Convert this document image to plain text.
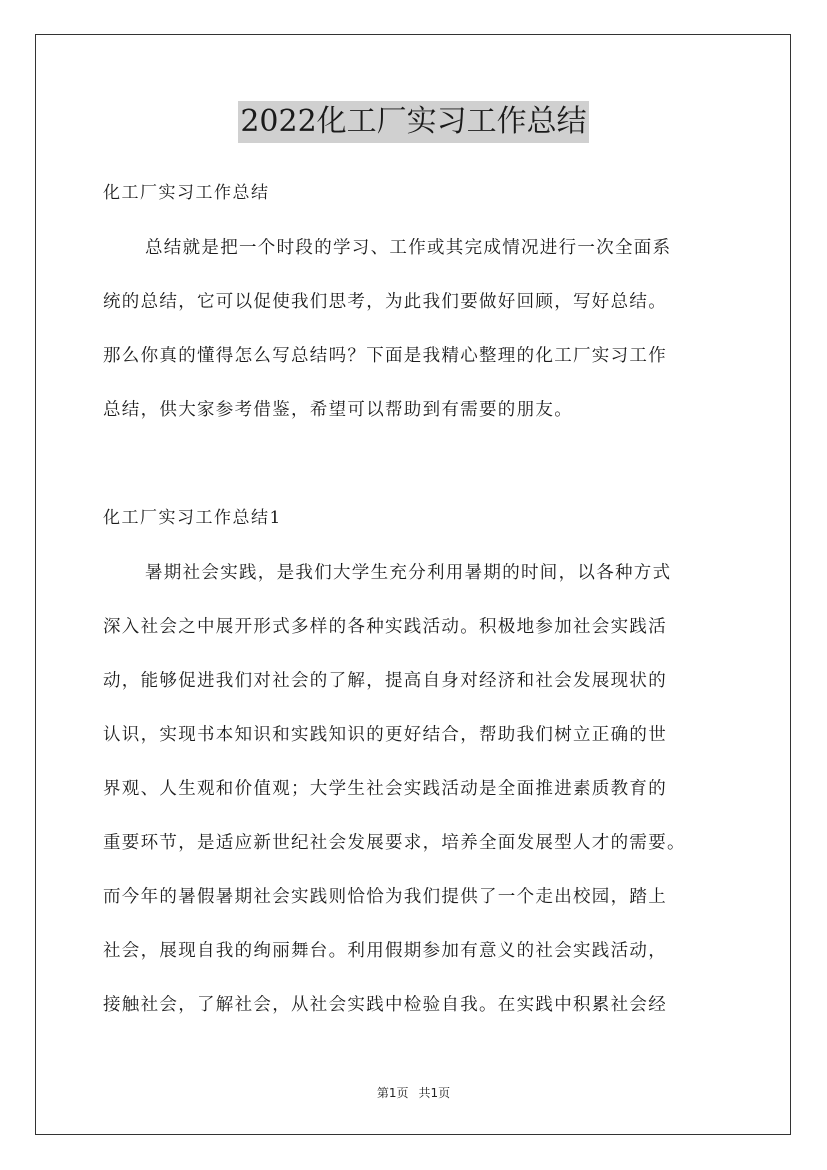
2022化工厂实习工作总结
化工厂实习工作总结
总结就是把一个时段的学习、工作或其完成情况进行一次全面系
统的总结，它可以促使我们思考，为此我们要做好回顾，写好总结。
那么你真的懂得怎么写总结吗？下面是我精心整理的化工厂实习工作
总结，供大家参考借鉴，希望可以帮助到有需要的朋友。
化工厂实习工作总结1
暑期社会实践，是我们大学生充分利用暑期的时间，以各种方式
深入社会之中展开形式多样的各种实践活动。积极地参加社会实践活
动，能够促进我们对社会的了解，提高自身对经济和社会发展现状的
认识，实现书本知识和实践知识的更好结合，帮助我们树立正确的世
界观、人生观和价值观；大学生社会实践活动是全面推进素质教育的
重要环节，是适应新世纪社会发展要求，培养全面发展型人才的需要。
而今年的暑假暑期社会实践则恰恰为我们提供了一个走出校园，踏上
社会，展现自我的绚丽舞台。利用假期参加有意义的社会实践活动，
接触社会，了解社会，从社会实践中检验自我。在实践中积累社会经
第1页 共1页
